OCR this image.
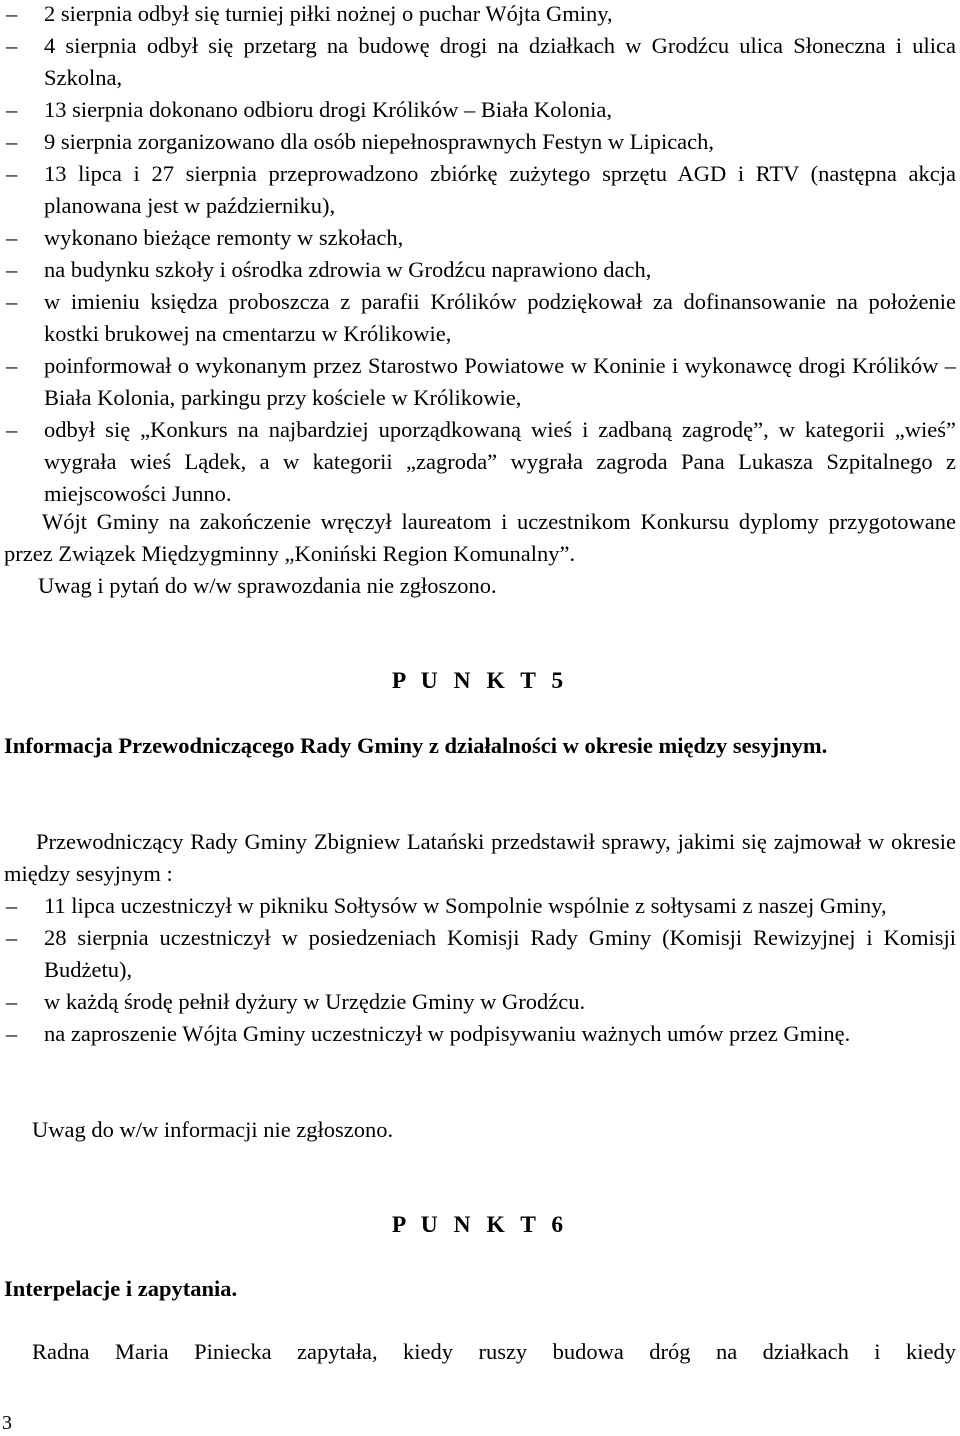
– 2 sierpnia odbył się turniej piłki nożnej o puchar Wójta Gminy,
– 4 sierpnia odbył się przetarg na budowę drogi na działkach w Grodźcu ulica Słoneczna i ulica Szkolna,
– 13 sierpnia dokonano odbioru drogi Królików – Biała Kolonia,
– 9 sierpnia zorganizowano dla osób niepełnosprawnych Festyn w Lipicach,
– 13 lipca i 27 sierpnia przeprowadzono zbiórkę zużytego sprzętu AGD i RTV (następna akcja planowana jest w październiku),
– wykonano bieżące remonty w szkołach,
– na budynku szkoły i ośrodka zdrowia w Grodźcu naprawiono dach,
– w imieniu księdza proboszcza z parafii Królików podziękował za dofinansowanie na położenie kostki brukowej na cmentarzu w Królikowie,
– poinformował o wykonanym przez Starostwo Powiatowe w Koninie i wykonawcę drogi Królików – Biała Kolonia, parkingu przy kościele w Królikowie,
– odbył się „Konkurs na najbardziej uporządkowaną wieś i zadbaną zagrodę”, w kategorii „wieś” wygrała wieś Lądek, a w kategorii „zagroda” wygrała zagroda Pana Lukasza Szpitalnego z miejscowości Junno.
Wójt Gminy na zakończenie wręczył laureatom i uczestnikom Konkursu dyplomy przygotowane przez Związek Międzygminny „Koniński Region Komunalny”.
Uwag i pytań do w/w sprawozdania nie zgłoszono.
P U N K T 5
Informacja Przewodniczącego Rady Gminy z działalności w okresie między sesyjnym.
Przewodniczący Rady Gminy Zbigniew Latański przedstawił sprawy, jakimi się zajmował w okresie między sesyjnym :
– 11 lipca uczestniczył w pikniku Sołtysów w Sompolnie wspólnie z sołtysami z naszej Gminy,
– 28 sierpnia uczestniczył w posiedzeniach Komisji Rady Gminy (Komisji Rewizyjnej i Komisji Budżetu),
– w każdą środę pełnił dyżury w Urzędzie Gminy w Grodźcu.
– na zaproszenie Wójta Gminy uczestniczył w podpisywaniu ważnych umów przez Gminę.
Uwag do w/w informacji nie zgłoszono.
P U N K T 6
Interpelacje i zapytania.
Radna Maria Piniecka zapytała, kiedy ruszy budowa dróg na działkach i kiedy
3
